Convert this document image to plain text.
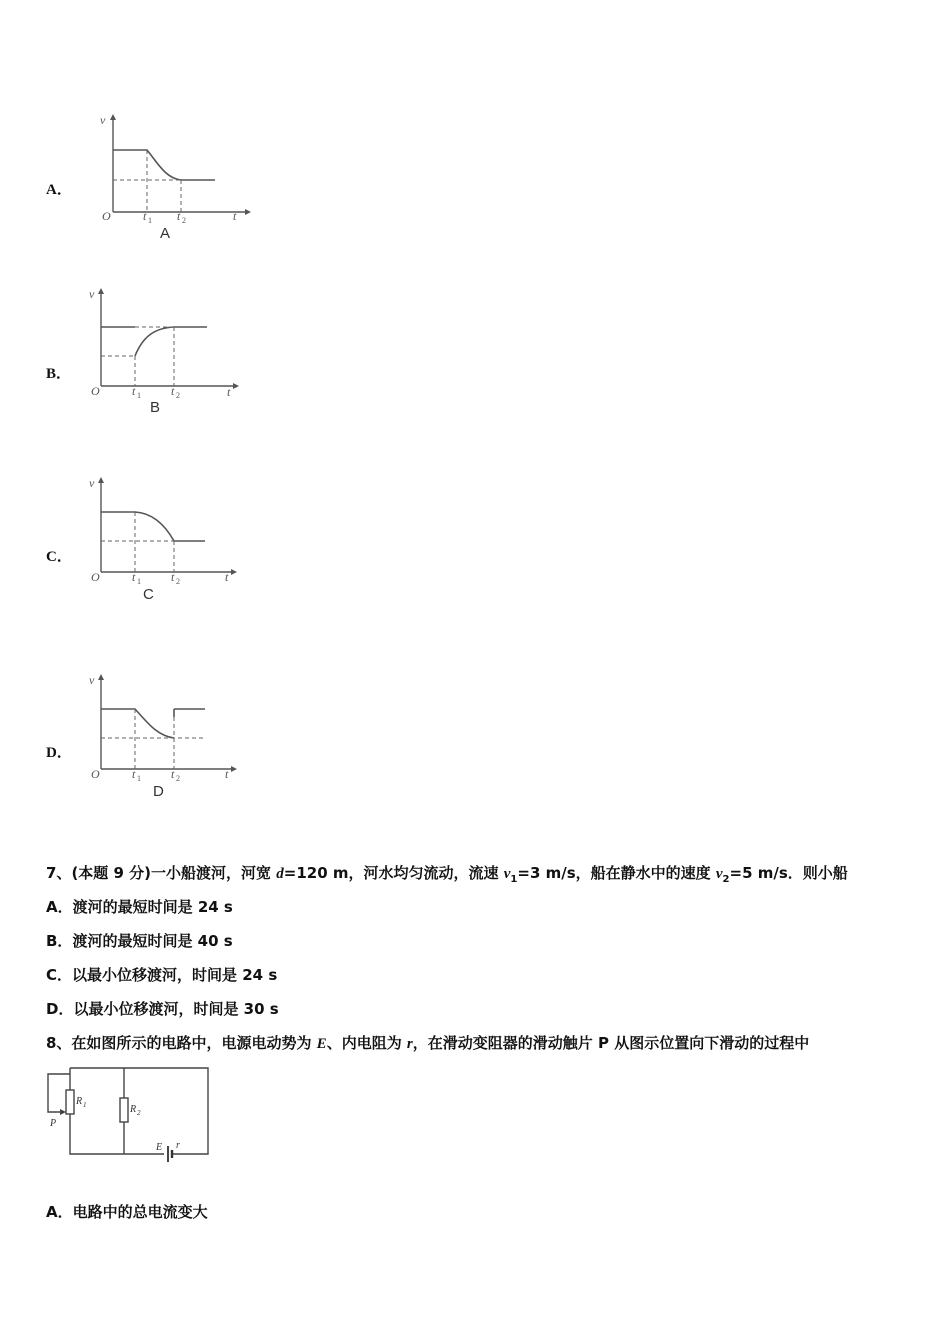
A．
v
O	t
t 1 t 2
A
B．
v
O	t
t 1	t 2
B
C．
v
O	t
t 1	t 2
C
D．
v
O	t
t 1	t 2
D
7、(本题 9 分)一小船渡河，河宽 d=120 m，河水均匀流动，流速 $v_1=3$ m/s，船在静水中的速度 $v_2=5$ m/s．则小船
A．渡河的最短时间是 24 s
B．渡河的最短时间是 40 s
C．以最小位移渡河，时间是 24 s
D．以最小位移渡河，时间是 30 s
8、在如图所示的电路中，电源电动势为 E、内电阻为 r，在滑动变阻器的滑动触片 P 从图示位置向下滑动的过程中
P
R 1	R 2
E r
A．电路中的总电流变大
